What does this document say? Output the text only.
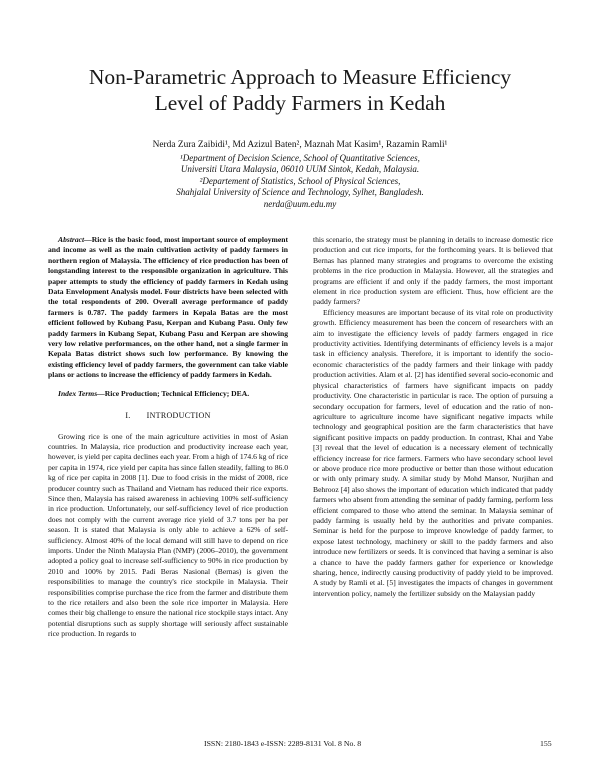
Non-Parametric Approach to Measure Efficiency
Level of Paddy Farmers in Kedah
Nerda Zura Zaibidi¹, Md Azizul Baten², Maznah Mat Kasim¹, Razamin Ramli¹
¹Department of Decision Science, School of Quantitative Sciences,
Universiti Utara Malaysia, 06010 UUM Sintok, Kedah, Malaysia.
²Departement of Statistics, School of Physical Sciences,
Shahjalal University of Science and Technology, Sylhet, Bangladesh.
nerda@uum.edu.my

Abstract—Rice is the basic food, most important source of employment and income as well as the main cultivation activity of paddy farmers in northern region of Malaysia. The efficiency of rice production has been of longstanding interest to the responsible organization in agriculture. This paper attempts to study the efficiency of paddy farmers in Kedah using Data Envelopment Analysis model. Four districts have been selected with the total respondents of 200. Overall average performance of paddy farmers is 0.787. The paddy farmers in Kepala Batas are the most efficient followed by Kubang Pasu, Kerpan and Kubang Pasu. Only few paddy farmers in Kubang Sepat, Kubang Pasu and Kerpan are showing very low relative performances, on the other hand, not a single farmer in Kepala Batas district shows such low performance. By knowing the existing efficiency level of paddy farmers, the government can take viable plans or actions to increase the efficiency of paddy farmers in Kedah.

Index Terms—Rice Production; Technical Efficiency; DEA.

I. INTRODUCTION

Growing rice is one of the main agriculture activities in most of Asian countries. In Malaysia, rice production and productivity increase each year, however, is yield per capita declines each year. From a high of 174.6 kg of rice per capita in 1974, rice yield per capita has since fallen steadily, falling to 86.0 kg of rice per capita in 2008 [1]. Due to food crisis in the midst of 2008, rice producer country such as Thailand and Vietnam has reduced their rice exports. Since then, Malaysia has raised awareness in achieving 100% self-sufficiency in rice production. Unfortunately, our self-sufficiency level of rice production does not comply with the current average rice yield of 3.7 tons per ha per season. It is stated that Malaysia is only able to achieve a 62% of self-sufficiency. Almost 40% of the local demand will still have to depend on rice imports. Under the Ninth Malaysia Plan (NMP) (2006–2010), the government adopted a policy goal to increase self-sufficiency to 90% in rice production by 2010 and 100% by 2015. Padi Beras Nasional (Bernas) is given the responsibilities to manage the country's rice stockpile in Malaysia. Their responsibilities comprise purchase the rice from the farmer and distribute them to the rice retailers and also been the sole rice importer in Malaysia. Here comes their big challenge to ensure the national rice stockpile stays intact. Any potential disruptions such as supply shortage will seriously affect sustainable rice production. In regards to

this scenario, the strategy must be planning in details to increase domestic rice production and cut rice imports, for the forthcoming years. It is believed that Bernas has planned many strategies and programs to overcome the existing problems in the rice production in Malaysia. However, all the strategies and programs are efficient if and only if the paddy farmers, the most important element in rice production system are efficient. Thus, how efficient are the paddy farmers?

Efficiency measures are important because of its vital role on productivity growth. Efficiency measurement has been the concern of researchers with an aim to investigate the efficiency levels of paddy farmers engaged in rice productivity activities. Identifying determinants of efficiency levels is a major task in efficiency analysis. Therefore, it is important to identify the socio-economic characteristics of the paddy farmers and their linkage with paddy production activities. Alam et al. [2] has identified several socio-economic and physical characteristics of farmers have significant impacts on paddy productivity. One characteristic in particular is race. The option of pursuing a secondary occupation for farmers, level of education and the ratio of non-agriculture to agriculture income have significant negative impacts while technology and geographical position are the farm characteristics that have significant positive impacts on paddy production. In contrast, Khai and Yabe [3] reveal that the level of education is a necessary element of technically efficiency increase for rice farmers. Farmers who have secondary school level or above produce rice more productive or better than those without education or with only primary study. A similar study by Mohd Mansor, Nurjihan and Behrooz [4] also shows the important of education which indicated that paddy farmers who absent from attending the seminar of paddy farming, perform less efficient compared to those who attend the seminar. In Malaysia seminar of paddy farming is usually held by the authorities and private companies. Seminar is held for the purpose to improve knowledge of paddy farmer, to expose latest technology, machinery or skill to the paddy farmers and also introduce new fertilizers or seeds. It is convinced that having a seminar is also a chance to have the paddy farmers gather for experience or knowledge sharing, hence, indirectly causing productivity of paddy yield to be improved. A study by Ramli et al. [5] investigates the impacts of changes in government intervention policy, namely the fertilizer subsidy on the Malaysian paddy

ISSN: 2180-1843 e-ISSN: 2289-8131 Vol. 8 No. 8	155
